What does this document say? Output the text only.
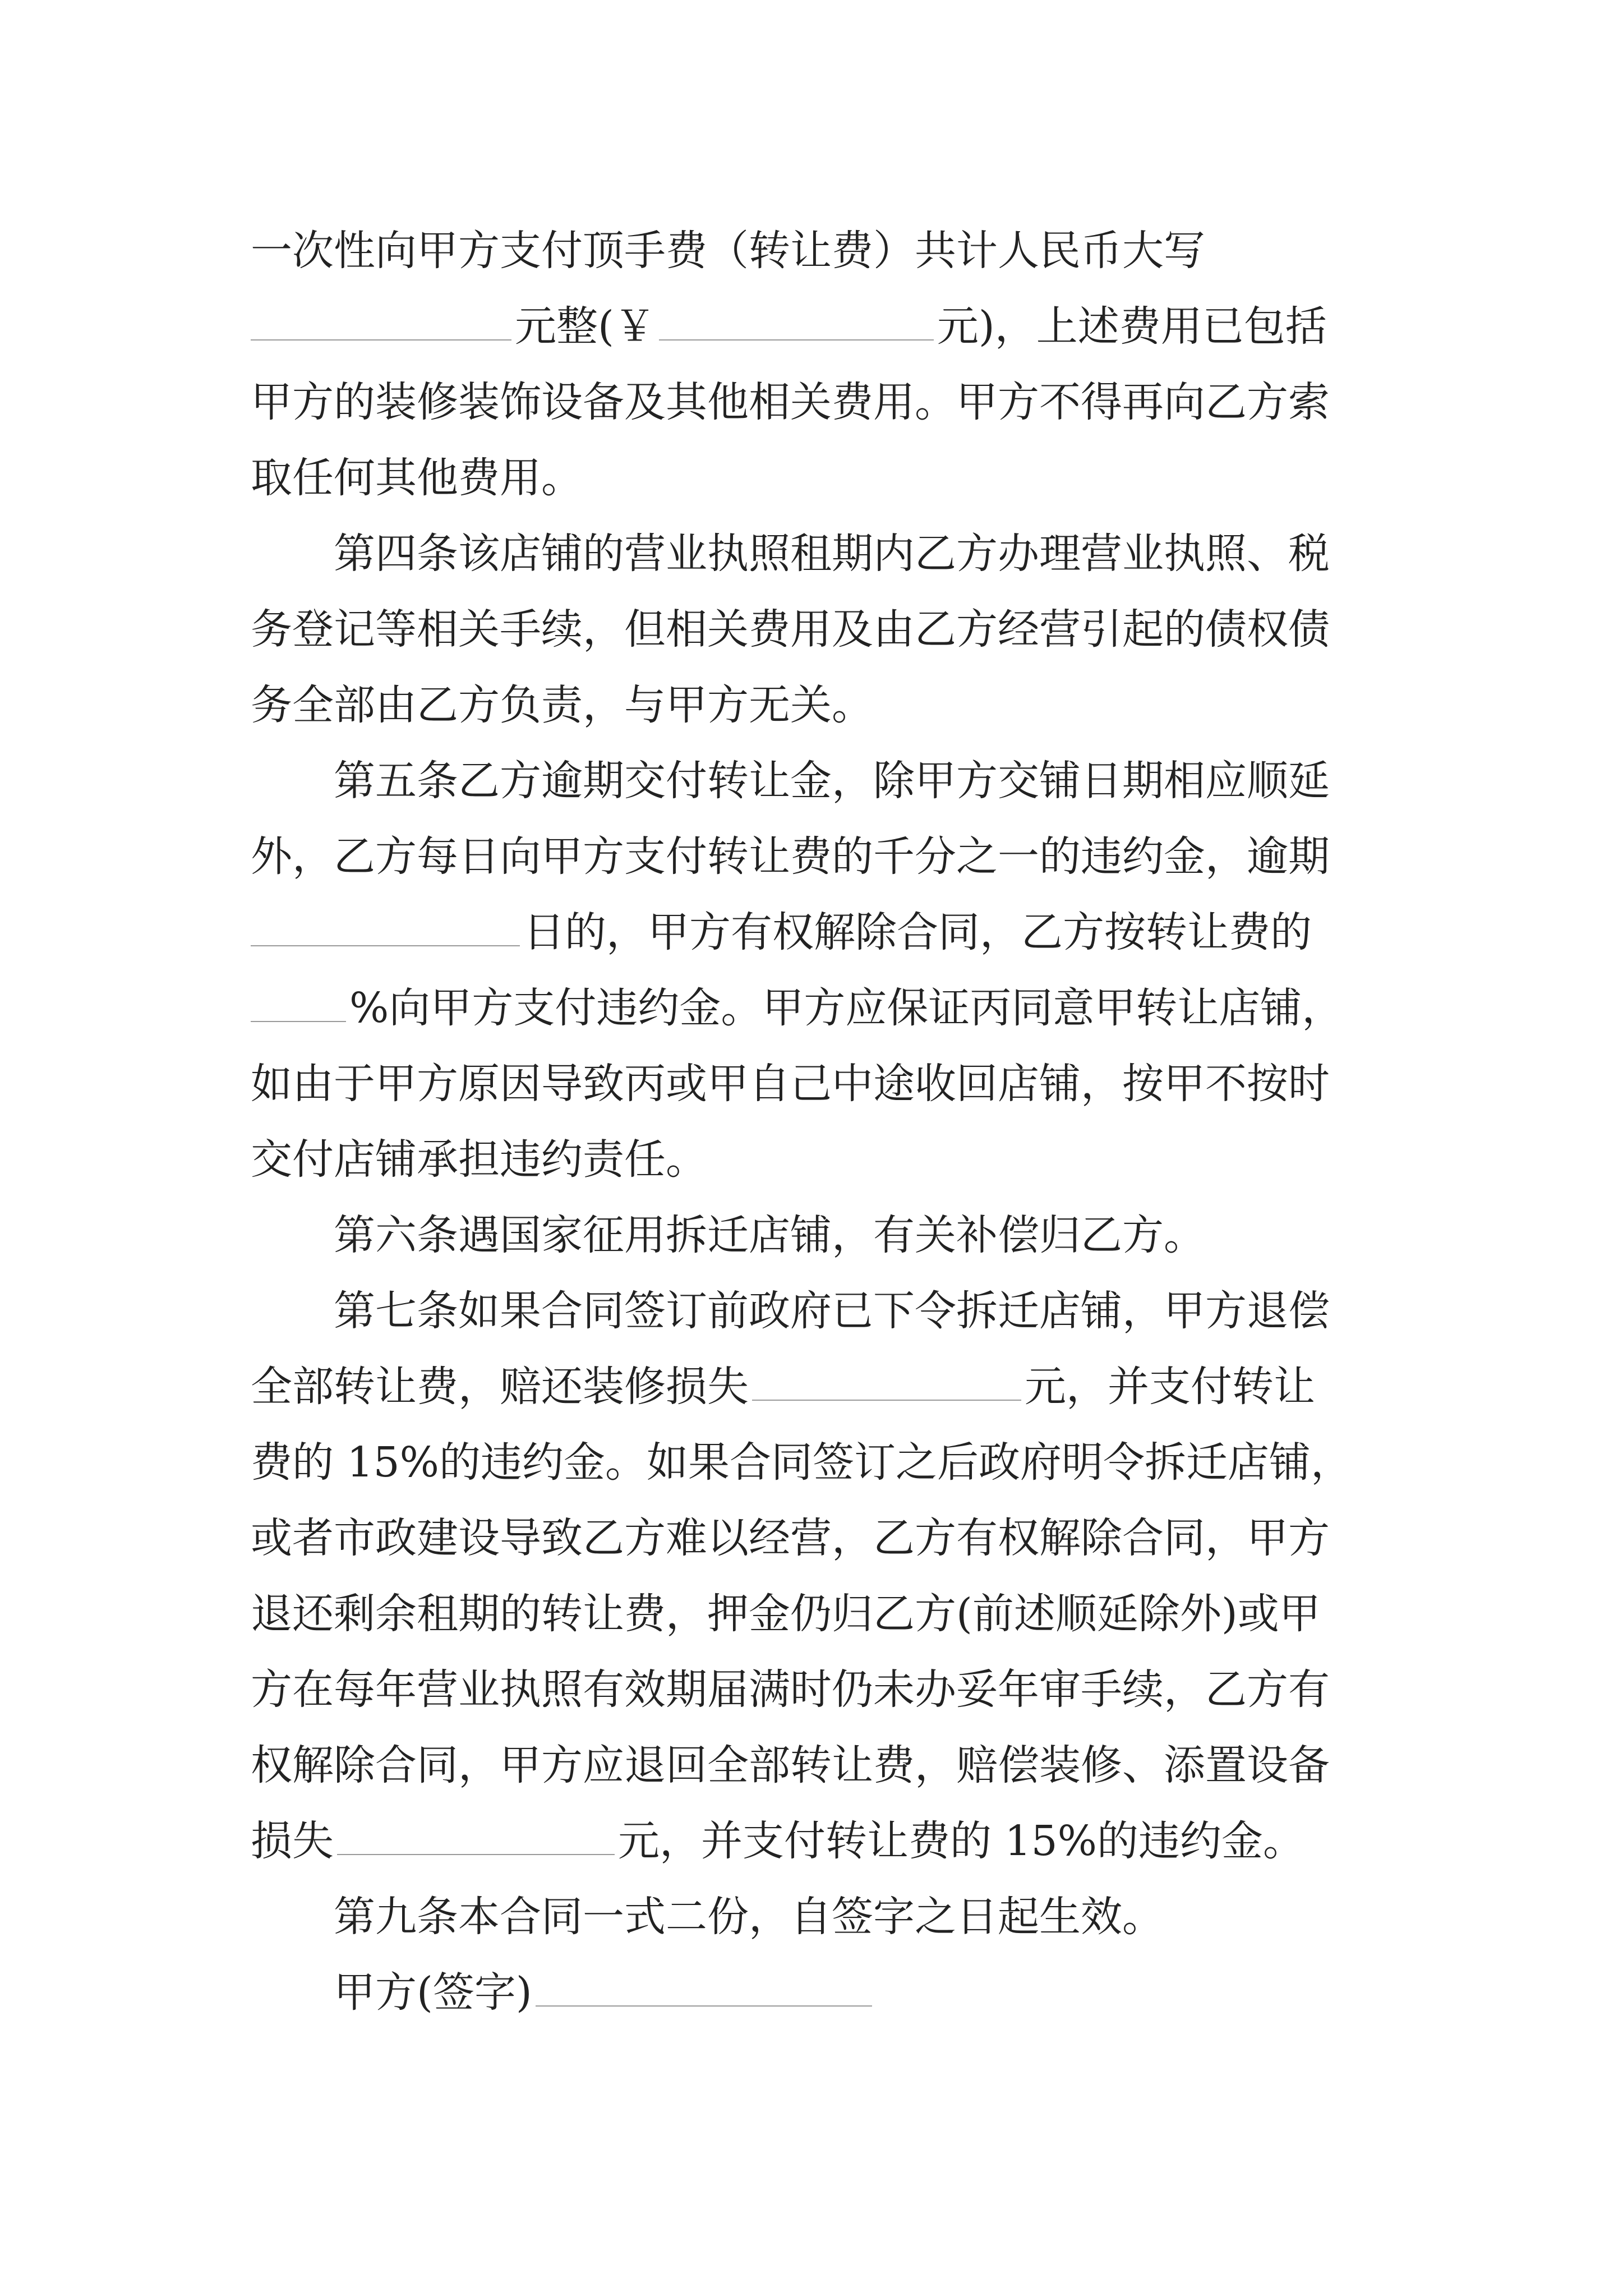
一次性向甲方支付顶手费（转让费）共计人民币大写
元整(￥	元)，上述费用已包括
甲方的装修装饰设备及其他相关费用。甲方不得再向乙方索
取任何其他费用。
第四条该店铺的营业执照租期内乙方办理营业执照、税
务登记等相关手续，但相关费用及由乙方经营引起的债权债
务全部由乙方负责，与甲方无关。
第五条乙方逾期交付转让金，除甲方交铺日期相应顺延
外，乙方每日向甲方支付转让费的千分之一的违约金，逾期
日的，甲方有权解除合同，乙方按转让费的
%向甲方支付违约金。甲方应保证丙同意甲转让店铺，
如由于甲方原因导致丙或甲自己中途收回店铺，按甲不按时
交付店铺承担违约责任。
第六条遇国家征用拆迁店铺，有关补偿归乙方。
第七条如果合同签订前政府已下令拆迁店铺，甲方退偿
全部转让费，赔还装修损失	元，并支付转让
费的 15%的违约金。如果合同签订之后政府明令拆迁店铺，
或者市政建设导致乙方难以经营，乙方有权解除合同，甲方
退还剩余租期的转让费，押金仍归乙方(前述顺延除外)或甲
方在每年营业执照有效期届满时仍未办妥年审手续，乙方有
权解除合同，甲方应退回全部转让费，赔偿装修、添置设备
损失	元，并支付转让费的 15%的违约金。
第九条本合同一式二份，自签字之日起生效。
甲方(签字)
